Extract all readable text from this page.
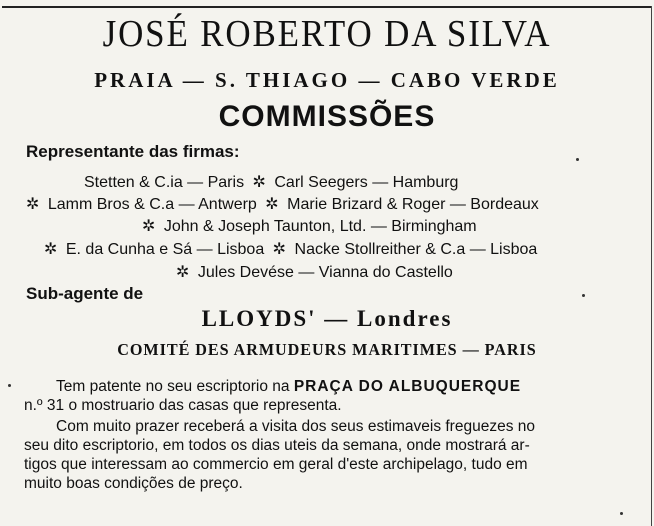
JOSÉ ROBERTO DA SILVA
PRAIA — S. THIAGO — CABO VERDE
COMMISSÕES
Representante das firmas:
Stetten & C.ia — Paris ✲ Carl Seegers — Hamburg
✲ Lamm Bros & C.a — Antwerp ✲ Marie Brizard & Roger — Bordeaux
✲ John & Joseph Taunton, Ltd. — Birmingham
✲ E. da Cunha e Sá — Lisboa ✲ Nacke Stollreither & C.a — Lisboa
✲ Jules Devése — Vianna do Castello
Sub-agente de
LLOYDS' — Londres
COMITÉ DES ARMUDEURS MARITIMES — PARIS
Tem patente no seu escriptorio na PRAÇA DO ALBUQUERQUE
n.º 31 o mostruario das casas que representa.
Com muito prazer receberá a visita dos seus estimaveis freguezes no
seu dito escriptorio, em todos os dias uteis da semana, onde mostrará ar-
tigos que interessam ao commercio em geral d'este archipelago, tudo em
muito boas condições de preço.
